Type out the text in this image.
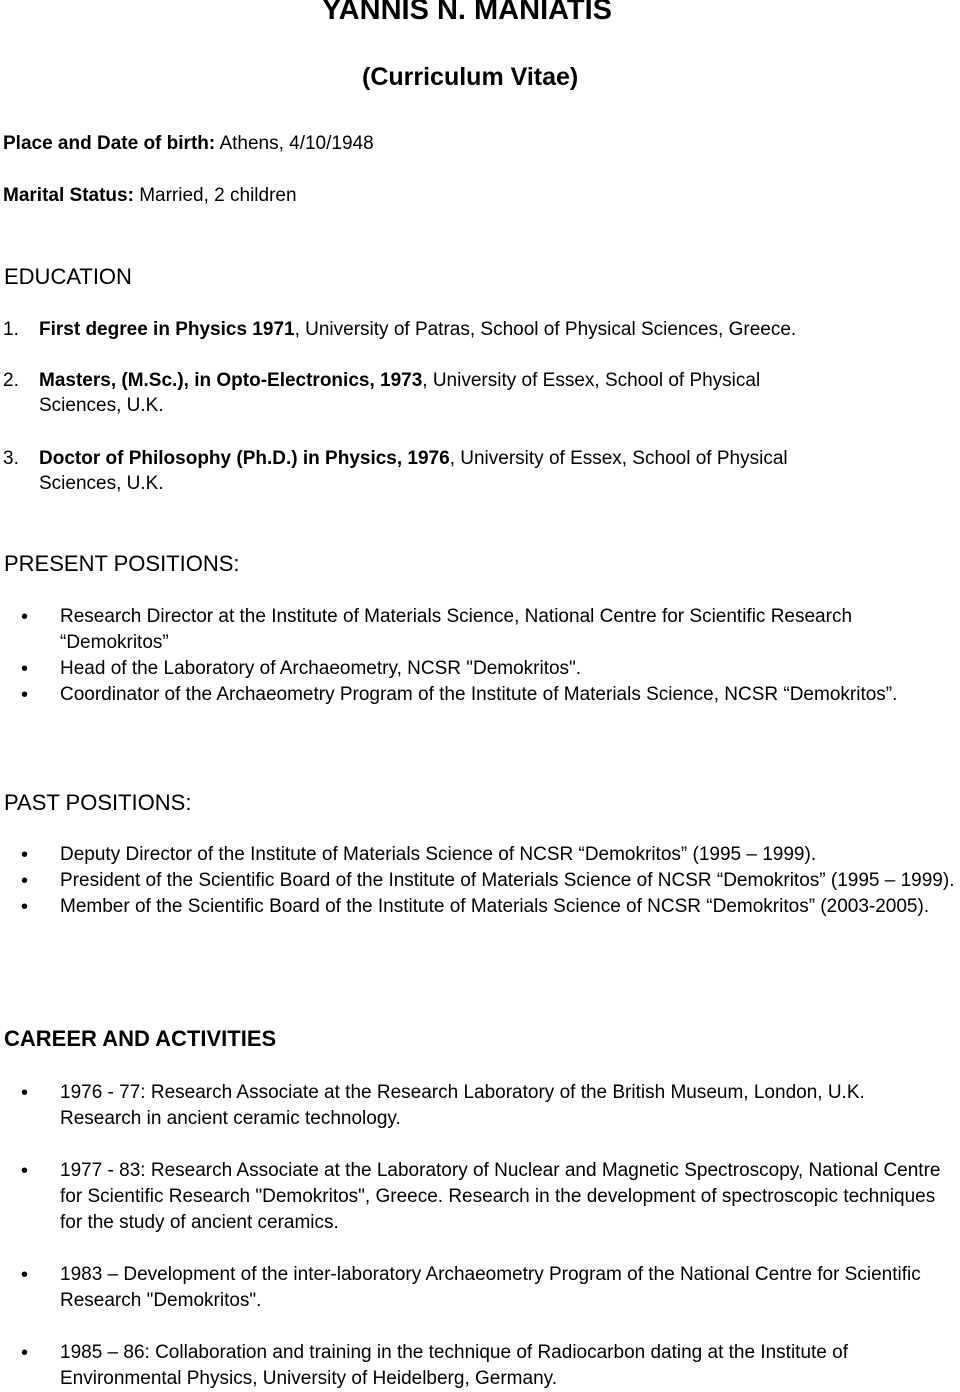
YANNIS N. MANIATIS
(Curriculum Vitae)
Place and Date of birth: Athens, 4/10/1948
Marital Status: Married, 2 children
EDUCATION
1. First degree in Physics 1971, University of Patras, School of Physical Sciences, Greece.
2. Masters, (M.Sc.), in Opto-Electronics, 1973, University of Essex, School of Physical
Sciences, U.K.
3. Doctor of Philosophy (Ph.D.) in Physics, 1976, University of Essex, School of Physical
Sciences, U.K.
PRESENT POSITIONS:
• Research Director at the Institute of Materials Science, National Centre for Scientific Research “Demokritos”
• Head of the Laboratory of Archaeometry, NCSR "Demokritos".
• Coordinator of the Archaeometry Program of the Institute of Materials Science, NCSR “Demokritos”.
PAST POSITIONS:
• Deputy Director of the Institute of Materials Science of NCSR “Demokritos” (1995 – 1999).
• President of the Scientific Board of the Institute of Materials Science of NCSR “Demokritos” (1995 – 1999).
• Member of the Scientific Board of the Institute of Materials Science of NCSR “Demokritos” (2003-2005).
CAREER AND ACTIVITIES
• 1976 - 77: Research Associate at the Research Laboratory of the British Museum, London, U.K. Research in ancient ceramic technology.
• 1977 - 83: Research Associate at the Laboratory of Nuclear and Magnetic Spectroscopy, National Centre for Scientific Research "Demokritos", Greece. Research in the development of spectroscopic techniques for the study of ancient ceramics.
• 1983 – Development of the inter-laboratory Archaeometry Program of the National Centre for Scientific Research "Demokritos".
• 1985 – 86: Collaboration and training in the technique of Radiocarbon dating at the Institute of Environmental Physics, University of Heidelberg, Germany.
